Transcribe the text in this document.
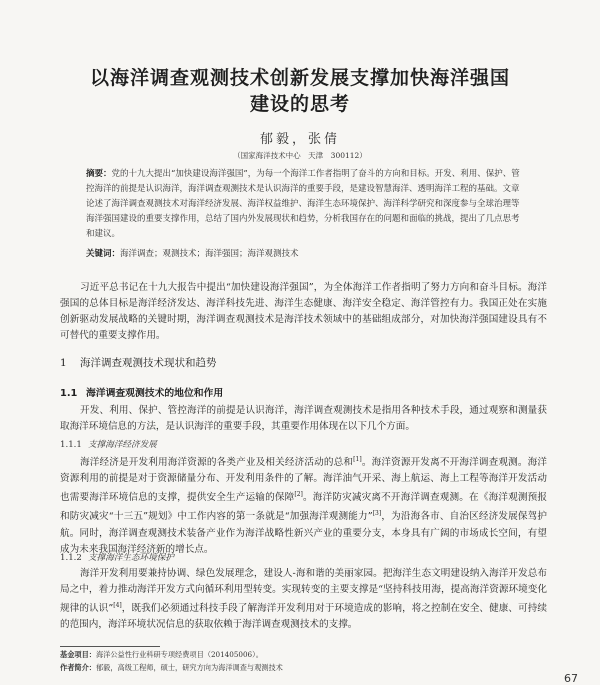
以海洋调查观测技术创新发展支撑加快海洋强国
建设的思考
郁毅，张倩
（国家海洋技术中心　天津　300112）
摘要：党的十九大提出“加快建设海洋强国”，为每一个海洋工作者指明了奋斗的方向和目标。开发、利用、保护、管控海洋的前提是认识海洋，海洋调查观测技术是认识海洋的重要手段，是建设智慧海洋、透明海洋工程的基础。文章论述了海洋调查观测技术对海洋经济发展、海洋权益维护、海洋生态环境保护、海洋科学研究和深度参与全球治理等海洋强国建设的重要支撑作用，总结了国内外发展现状和趋势，分析我国存在的问题和面临的挑战，提出了几点思考和建议。
关键词：海洋调查；观测技术；海洋强国；海洋观测技术
习近平总书记在十九大报告中提出“加快建设海洋强国”，为全体海洋工作者指明了努力方向和奋斗目标。海洋强国的总体目标是海洋经济发达、海洋科技先进、海洋生态健康、海洋安全稳定、海洋管控有力。我国正处在实施创新驱动发展战略的关键时期，海洋调查观测技术是海洋技术领域中的基础组成部分，对加快海洋强国建设具有不可替代的重要支撑作用。
1 海洋调查观测技术现状和趋势
1.1 海洋调查观测技术的地位和作用
开发、利用、保护、管控海洋的前提是认识海洋，海洋调查观测技术是指用各种技术手段，通过观察和测量获取海洋环境信息的方法，是认识海洋的重要手段，其重要作用体现在以下几个方面。
1.1.1 支撑海洋经济发展
海洋经济是开发利用海洋资源的各类产业及相关经济活动的总和[1]。海洋资源开发离不开海洋调查观测。海洋资源利用的前提是对于资源储量分布、开发利用条件的了解。海洋油气开采、海上航运、海上工程等海洋开发活动也需要海洋环境信息的支撑，提供安全生产运输的保障[2]。海洋防灾减灾离不开海洋调查观测。在《海洋观测预报和防灾减灾“十三五”规划》中工作内容的第一条就是“加强海洋观测能力”[3]，为沿海各市、自治区经济发展保驾护航。同时，海洋调查观测技术装备产业作为海洋战略性新兴产业的重要分支，本身具有广阔的市场成长空间，有望成为未来我国海洋经济新的增长点。
1.1.2 支撑海洋生态环境保护
海洋开发利用要兼持协调、绿色发展理念，建设人-海和谐的美丽家园。把海洋生态文明建设纳入海洋开发总布局之中，着力推动海洋开发方式向循环利用型转变。实现转变的主要支撑是“坚持科技用海，提高海洋资源环境变化规律的认识”[4]，既我们必须通过科技手段了解海洋开发利用对于环境造成的影响，将之控制在安全、健康、可持续的范围内，海洋环境状况信息的获取依赖于海洋调查观测技术的支撑。
基金项目：海洋公益性行业科研专项经费项目（201405006）。
作者简介：郁毅，高级工程师，硕士，研究方向为海洋调查与观测技术
67
